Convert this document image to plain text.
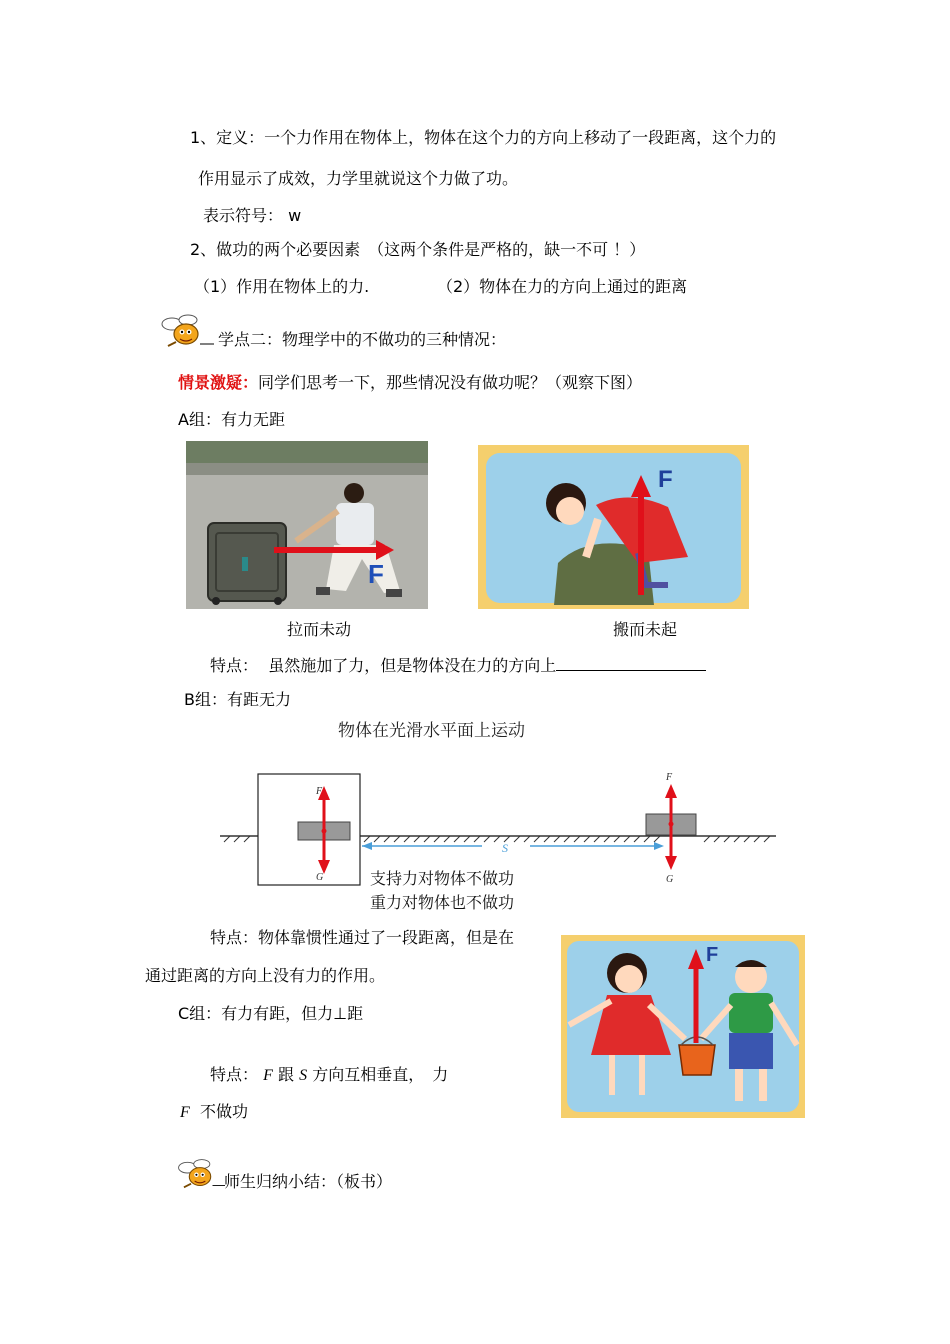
1、定义：一个力作用在物体上，物体在这个力的方向上移动了一段距离，这个力的
作用显示了成效，力学里就说这个力做了功。
表示符号： w
2、做功的两个必要因素　（这两个条件是严格的，缺一不可 ！）
（1）作用在物体上的力.	（2）物体在力的方向上通过的距离
学点二：物理学中的不做功的三种情况：
情景激疑：同学们思考一下，那些情况没有做功呢？（观察下图）
A组：有力无距
F
F
拉而未动	搬而未起
特点： 虽然施加了力，但是物体没在力的方向上
B组：有距无力
物体在光滑水平面上运动
F
G
S
F
G
支持力对物体不做功
重力对物体也不做功
特点：物体靠惯性通过了一段距离，但是在
通过距离的方向上没有力的作用。
F
C组：有力有距，但力⊥距
特点： F 跟 S 方向互相垂直，　力
F 不做功
师生归纳小结：（板书）
